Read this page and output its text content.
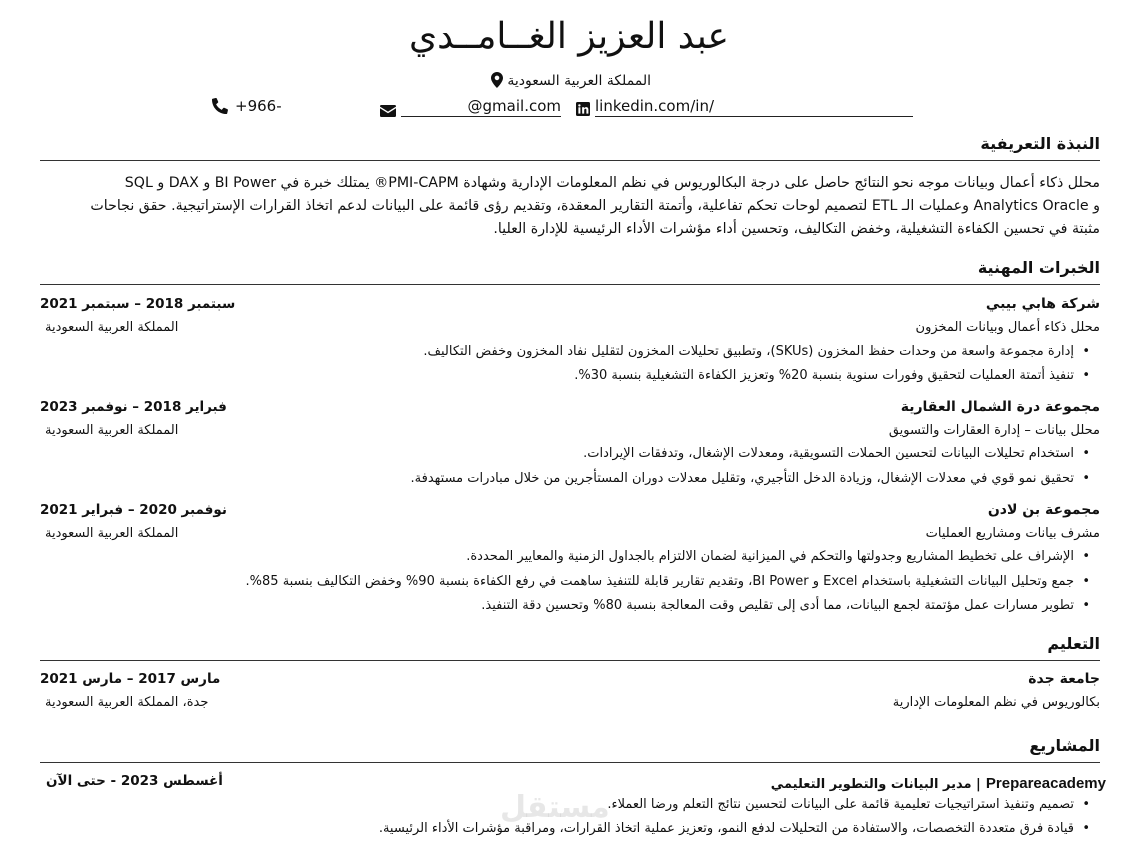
عبد العزيز الغــامــدي
المملكة العربية السعودية
+966-	@gmail.com linkedin.com/in/
النبذة التعريفية
محلل ذكاء أعمال وبيانات موجه نحو النتائج حاصل على درجة البكالوريوس في نظم المعلومات الإدارية وشهادة PMI-CAPM® يمتلك خبرة في BI Power و DAX و SQL
و Analytics Oracle وعمليات الـ ETL لتصميم لوحات تحكم تفاعلية، وأتمتة التقارير المعقدة، وتقديم رؤى قائمة على البيانات لدعم اتخاذ القرارات الإستراتيجية. حقق نجاحات
مثبتة في تحسين الكفاءة التشغيلية، وخفض التكاليف، وتحسين أداء مؤشرات الأداء الرئيسية للإدارة العليا.
الخبرات المهنية
شركة هابي بيبي
سبتمبر 2018 – سبتمبر 2021
محلل ذكاء أعمال وبيانات المخزون
المملكة العربية السعودية
• إدارة مجموعة واسعة من وحدات حفظ المخزون (SKUs)، وتطبيق تحليلات المخزون لتقليل نفاد المخزون وخفض التكاليف.
• تنفيذ أتمتة العمليات لتحقيق وفورات سنوية بنسبة 20% وتعزيز الكفاءة التشغيلية بنسبة 30%.
مجموعة درة الشمال العقارية
فبراير 2018 – نوفمبر 2023
محلل بيانات – إدارة العقارات والتسويق
المملكة العربية السعودية
• استخدام تحليلات البيانات لتحسين الحملات التسويقية، ومعدلات الإشغال، وتدفقات الإيرادات.
• تحقيق نمو قوي في معدلات الإشغال، وزيادة الدخل التأجيري، وتقليل معدلات دوران المستأجرين من خلال مبادرات مستهدفة.
مجموعة بن لادن
نوفمبر 2020 – فبراير 2021
مشرف بيانات ومشاريع العمليات
المملكة العربية السعودية
• الإشراف على تخطيط المشاريع وجدولتها والتحكم في الميزانية لضمان الالتزام بالجداول الزمنية والمعايير المحددة.
• جمع وتحليل البيانات التشغيلية باستخدام Excel و BI Power، وتقديم تقارير قابلة للتنفيذ ساهمت في رفع الكفاءة بنسبة 90% وخفض التكاليف بنسبة 85%.
• تطوير مسارات عمل مؤتمتة لجمع البيانات، مما أدى إلى تقليص وقت المعالجة بنسبة 80% وتحسين دقة التنفيذ.
التعليم
جامعة جدة
مارس 2017 – مارس 2021
بكالوريوس في نظم المعلومات الإدارية
جدة، المملكة العربية السعودية
المشاريع
Prepareacademy | مدير البيانات والتطوير التعليمي
أغسطس 2023 - حتى الآن
• تصميم وتنفيذ استراتيجيات تعليمية قائمة على البيانات لتحسين نتائج التعلم ورضا العملاء.
• قيادة فرق متعددة التخصصات، والاستفادة من التحليلات لدفع النمو، وتعزيز عملية اتخاذ القرارات، ومراقبة مؤشرات الأداء الرئيسية.
مستقل
